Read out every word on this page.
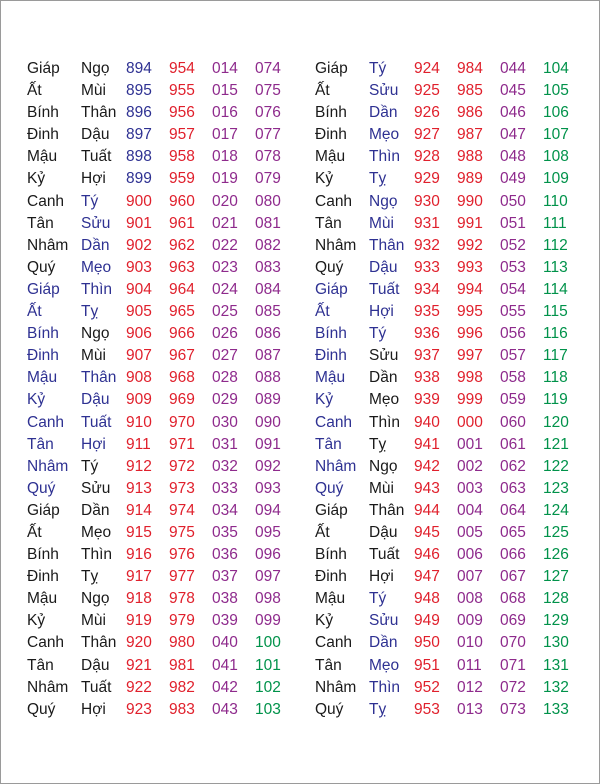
Giáp	Ngọ	894	954	014	074
Ất	Mùi	895	955	015	075
Bính	Thân	896	956	016	076
Đinh	Dậu	897	957	017	077
Mậu	Tuất	898	958	018	078
Kỷ	Hợi	899	959	019	079
Canh	Tý	900	960	020	080
Tân	Sửu	901	961	021	081
Nhâm	Dần	902	962	022	082
Quý	Mẹo	903	963	023	083
Giáp	Thìn	904	964	024	084
Ất	Tỵ	905	965	025	085
Bính	Ngọ	906	966	026	086
Đinh	Mùi	907	967	027	087
Mậu	Thân	908	968	028	088
Kỷ	Dậu	909	969	029	089
Canh	Tuất	910	970	030	090
Tân	Hợi	911	971	031	091
Nhâm	Tý	912	972	032	092
Quý	Sửu	913	973	033	093
Giáp	Dần	914	974	034	094
Ất	Mẹo	915	975	035	095
Bính	Thìn	916	976	036	096
Đinh	Tỵ	917	977	037	097
Mậu	Ngọ	918	978	038	098
Kỷ	Mùi	919	979	039	099
Canh	Thân	920	980	040	100
Tân	Dậu	921	981	041	101
Nhâm	Tuất	922	982	042	102
Quý	Hợi	923	983	043	103
Giáp	Tý	924	984	044	104
Ất	Sửu	925	985	045	105
Bính	Dần	926	986	046	106
Đinh	Mẹo	927	987	047	107
Mậu	Thìn	928	988	048	108
Kỷ	Tỵ	929	989	049	109
Canh	Ngọ	930	990	050	110
Tân	Mùi	931	991	051	111
Nhâm	Thân	932	992	052	112
Quý	Dậu	933	993	053	113
Giáp	Tuất	934	994	054	114
Ất	Hợi	935	995	055	115
Bính	Tý	936	996	056	116
Đinh	Sửu	937	997	057	117
Mậu	Dần	938	998	058	118
Kỷ	Mẹo	939	999	059	119
Canh	Thìn	940	000	060	120
Tân	Tỵ	941	001	061	121
Nhâm	Ngọ	942	002	062	122
Quý	Mùi	943	003	063	123
Giáp	Thân	944	004	064	124
Ất	Dậu	945	005	065	125
Bính	Tuất	946	006	066	126
Đinh	Hợi	947	007	067	127
Mậu	Tý	948	008	068	128
Kỷ	Sửu	949	009	069	129
Canh	Dần	950	010	070	130
Tân	Mẹo	951	011	071	131
Nhâm	Thìn	952	012	072	132
Quý	Tỵ	953	013	073	133
